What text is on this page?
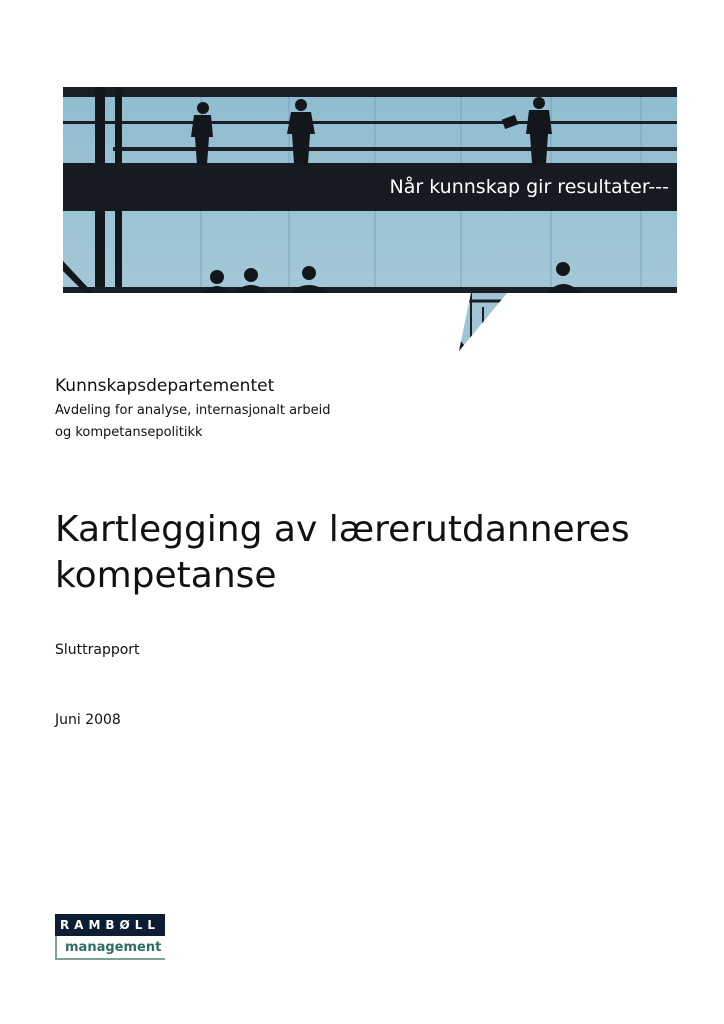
Når kunnskap gir resultater---
Kunnskapsdepartementet
Avdeling for analyse, internasjonalt arbeid
og kompetansepolitikk
Kartlegging av lærerutdanneres kompetanse
Sluttrapport
Juni 2008
RAMBØLL
management
